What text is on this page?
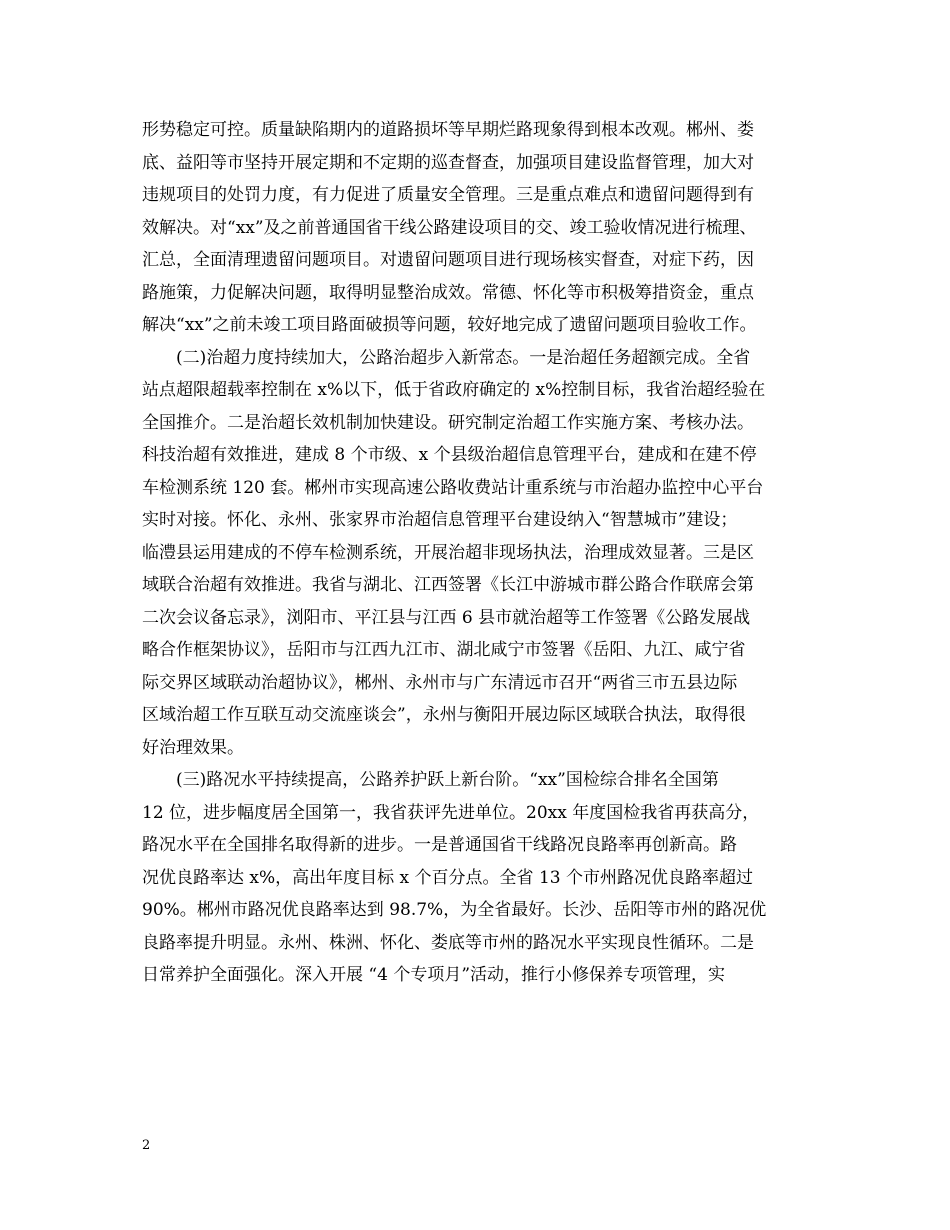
形势稳定可控。质量缺陷期内的道路损坏等早期烂路现象得到根本改观。郴州、娄
底、益阳等市坚持开展定期和不定期的巡查督查，加强项目建设监督管理，加大对
违规项目的处罚力度，有力促进了质量安全管理。三是重点难点和遗留问题得到有
效解决。对“xx”及之前普通国省干线公路建设项目的交、竣工验收情况进行梳理、
汇总，全面清理遗留问题项目。对遗留问题项目进行现场核实督查，对症下药，因
路施策，力促解决问题，取得明显整治成效。常德、怀化等市积极筹措资金，重点
解决“xx”之前未竣工项目路面破损等问题，较好地完成了遗留问题项目验收工作。
(二)治超力度持续加大，公路治超步入新常态。一是治超任务超额完成。全省
站点超限超载率控制在 x%以下，低于省政府确定的 x%控制目标，我省治超经验在
全国推介。二是治超长效机制加快建设。研究制定治超工作实施方案、考核办法。
科技治超有效推进，建成 8 个市级、x 个县级治超信息管理平台，建成和在建不停
车检测系统 120 套。郴州市实现高速公路收费站计重系统与市治超办监控中心平台
实时对接。怀化、永州、张家界市治超信息管理平台建设纳入“智慧城市”建设；
临澧县运用建成的不停车检测系统，开展治超非现场执法，治理成效显著。三是区
域联合治超有效推进。我省与湖北、江西签署《长江中游城市群公路合作联席会第
二次会议备忘录》，浏阳市、平江县与江西 6 县市就治超等工作签署《公路发展战
略合作框架协议》，岳阳市与江西九江市、湖北咸宁市签署《岳阳、九江、咸宁省
际交界区域联动治超协议》，郴州、永州市与广东清远市召开“两省三市五县边际
区域治超工作互联互动交流座谈会”，永州与衡阳开展边际区域联合执法，取得很
好治理效果。
(三)路况水平持续提高，公路养护跃上新台阶。“xx”国检综合排名全国第
12 位，进步幅度居全国第一，我省获评先进单位。20xx 年度国检我省再获高分，
路况水平在全国排名取得新的进步。一是普通国省干线路况良路率再创新高。路
况优良路率达 x%，高出年度目标 x 个百分点。全省 13 个市州路况优良路率超过
90%。郴州市路况优良路率达到 98.7%，为全省最好。长沙、岳阳等市州的路况优
良路率提升明显。永州、株洲、怀化、娄底等市州的路况水平实现良性循环。二是
日常养护全面强化。深入开展 “4 个专项月”活动，推行小修保养专项管理，实
2
